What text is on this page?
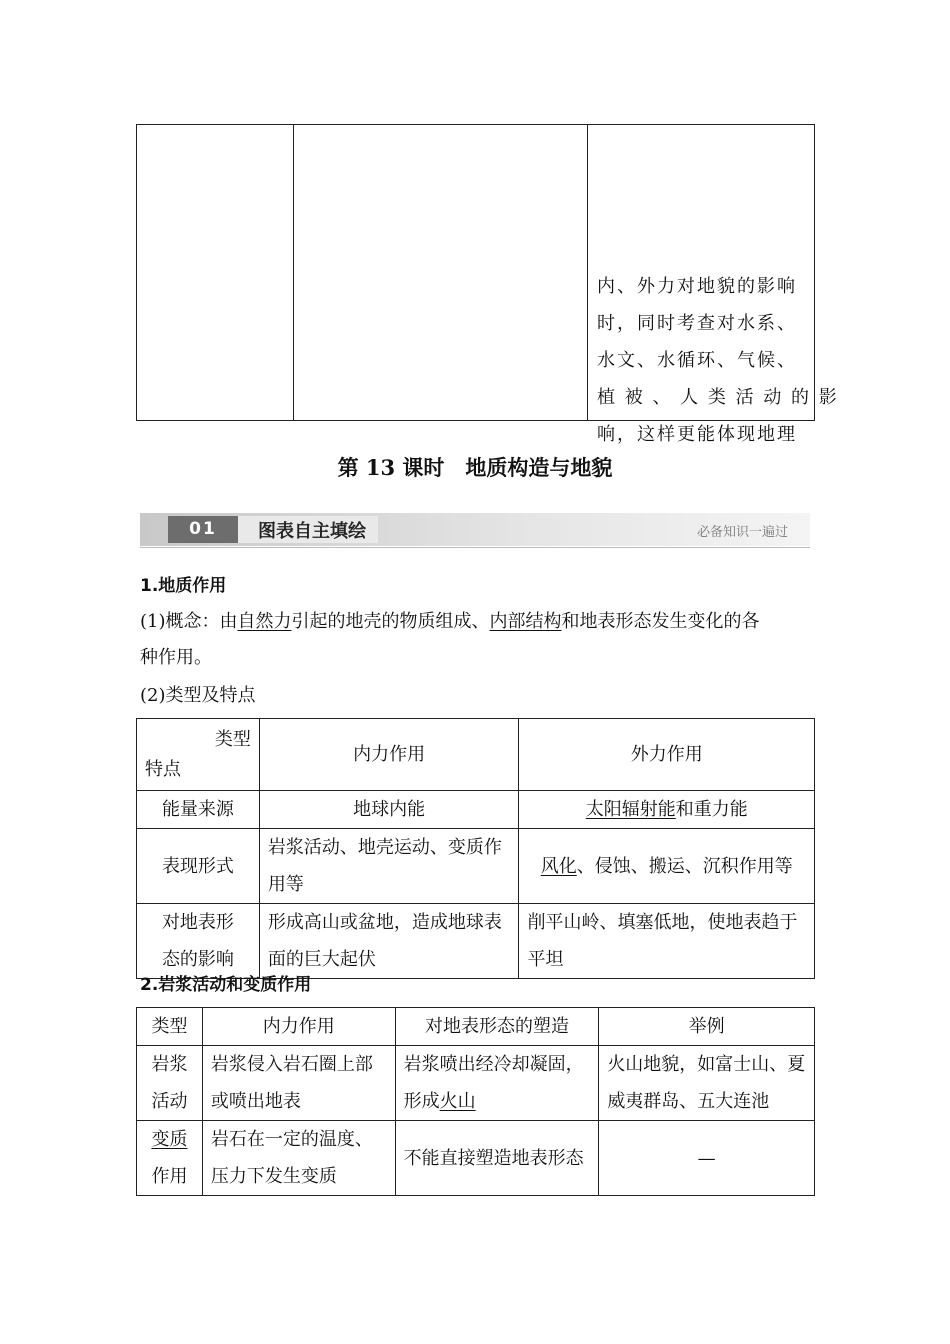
内、外力对地貌的影响
时，同时考查对水系、
水文、水循环、气候、
植 被 、 人 类 活 动 的 影
响，这样更能体现地理
第 13 课时　地质构造与地貌
01	图表自主填绘	必备知识一遍过
1.地质作用
(1)概念：由自然力引起的地壳的物质组成、内部结构和地表形态发生变化的各
种作用。
(2)类型及特点
类型
特点	内力作用	外力作用
能量来源	地球内能	太阳辐射能和重力能
表现形式	岩浆活动、地壳运动、变质作用等	风化、侵蚀、搬运、沉积作用等
对地表形态的影响	形成高山或盆地，造成地球表面的巨大起伏	削平山岭、填塞低地，使地表趋于平坦
2.岩浆活动和变质作用
类型	内力作用	对地表形态的塑造	举例
岩浆活动	岩浆侵入岩石圈上部或喷出地表	岩浆喷出经冷却凝固，形成火山	火山地貌，如富士山、夏威夷群岛、五大连池
变质
作用	岩石在一定的温度、压力下发生变质	不能直接塑造地表形态	—
